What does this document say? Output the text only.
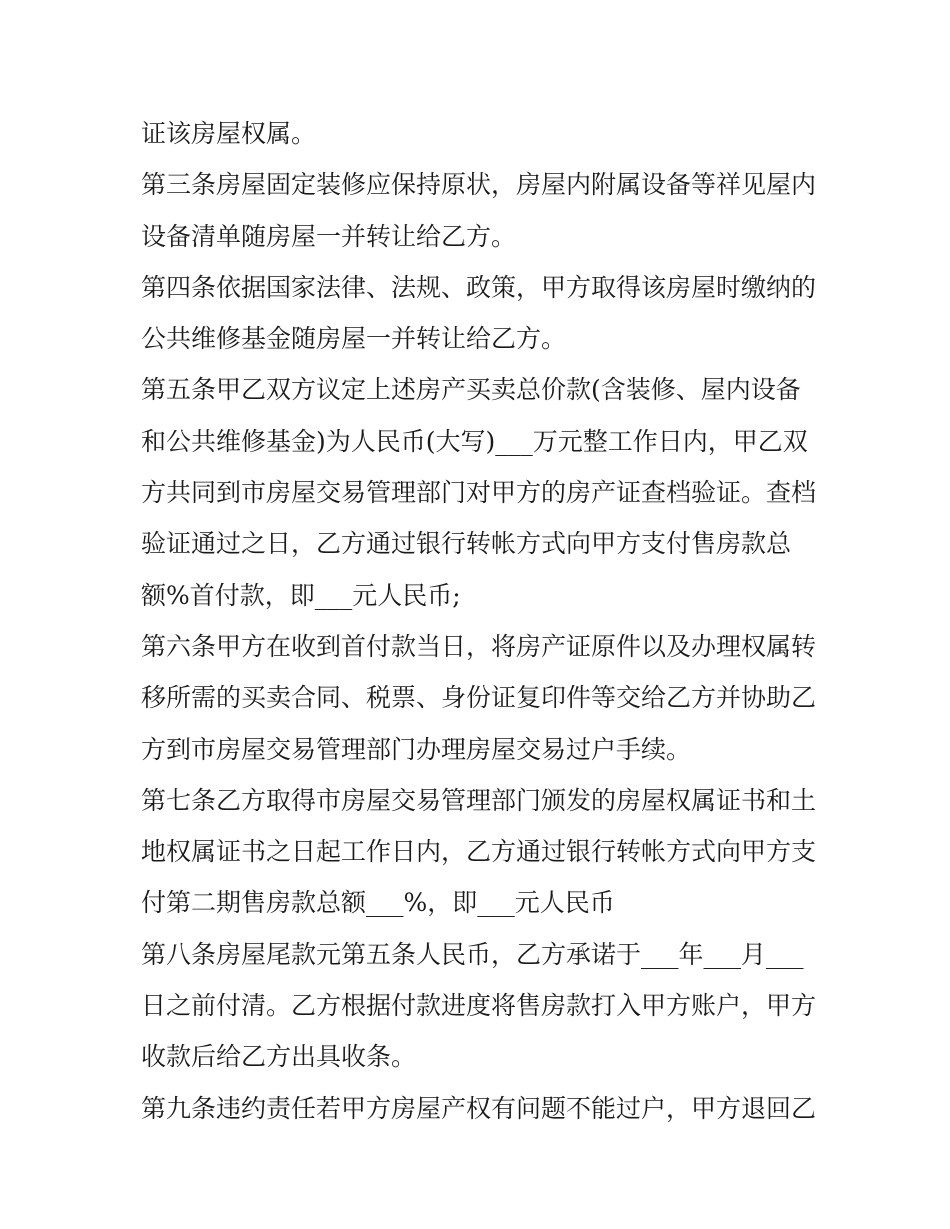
证该房屋权属。
第三条房屋固定装修应保持原状，房屋内附属设备等祥见屋内
设备清单随房屋一并转让给乙方。
第四条依据国家法律、法规、政策，甲方取得该房屋时缴纳的
公共维修基金随房屋一并转让给乙方。
第五条甲乙双方议定上述房产买卖总价款(含装修、屋内设备
和公共维修基金)为人民币(大写)___万元整工作日内，甲乙双
方共同到市房屋交易管理部门对甲方的房产证查档验证。查档
验证通过之日，乙方通过银行转帐方式向甲方支付售房款总
额%首付款，即___元人民币;
第六条甲方在收到首付款当日，将房产证原件以及办理权属转
移所需的买卖合同、税票、身份证复印件等交给乙方并协助乙
方到市房屋交易管理部门办理房屋交易过户手续。
第七条乙方取得市房屋交易管理部门颁发的房屋权属证书和土
地权属证书之日起工作日内，乙方通过银行转帐方式向甲方支
付第二期售房款总额___%，即___元人民币
第八条房屋尾款元第五条人民币，乙方承诺于___年___月___
日之前付清。乙方根据付款进度将售房款打入甲方账户，甲方
收款后给乙方出具收条。
第九条违约责任若甲方房屋产权有问题不能过户，甲方退回乙
